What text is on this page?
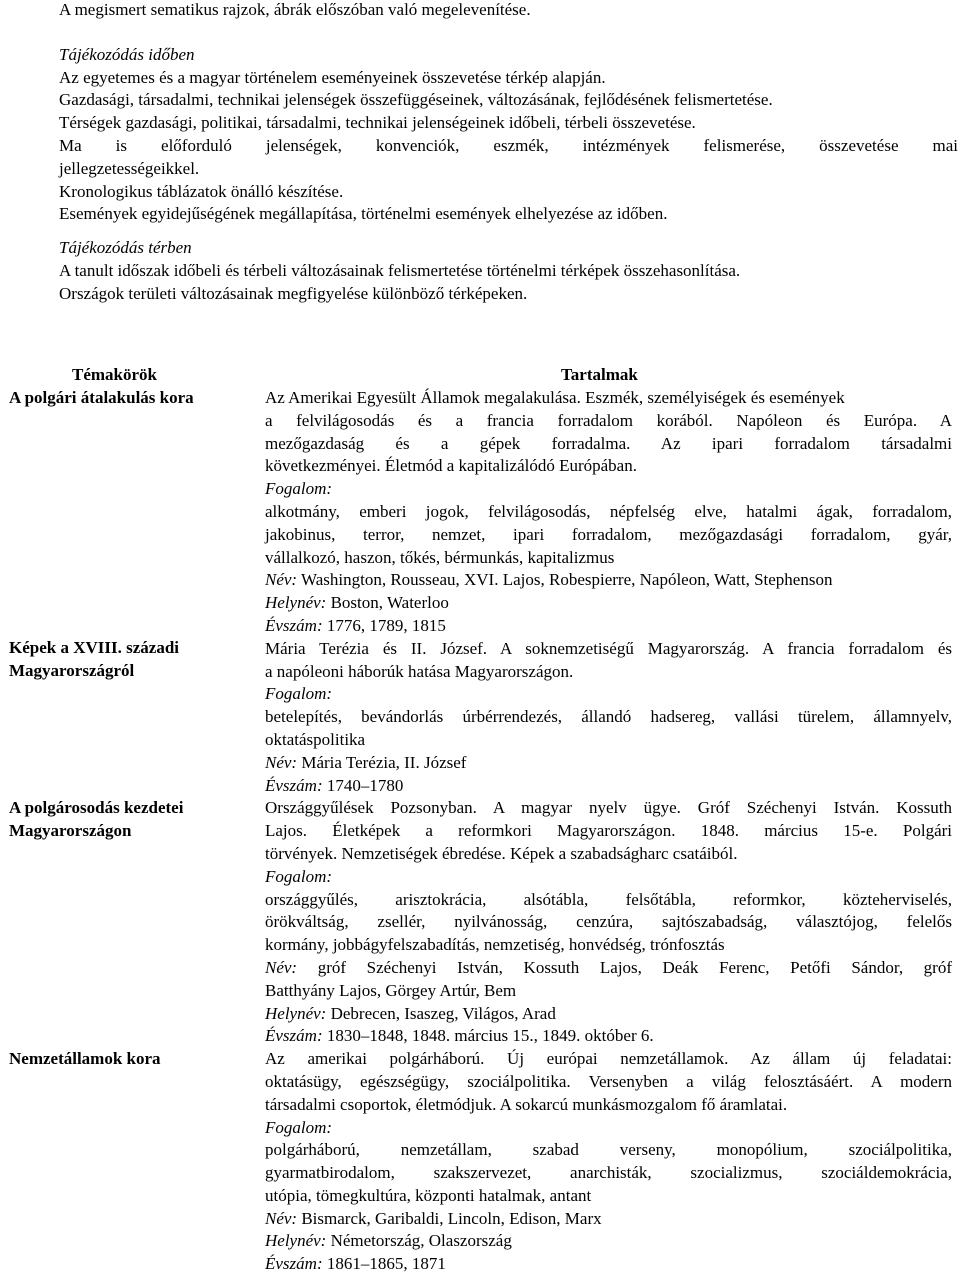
A megismert sematikus rajzok, ábrák előszóban való megelevenítése.
Tájékozódás időben
Az egyetemes és a magyar történelem eseményeinek összevetése térkép alapján.
Gazdasági, társadalmi, technikai jelenségek összefüggéseinek, változásának, fejlődésének felismertetése.
Térségek gazdasági, politikai, társadalmi, technikai jelenségeinek időbeli, térbeli összevetése.
Ma is előforduló jelenségek, konvenciók, eszmék, intézmények felismerése, összevetése mai
jellegzetességeikkel.
Kronologikus táblázatok önálló készítése.
Események egyidejűségének megállapítása, történelmi események elhelyezése az időben.
Tájékozódás térben
A tanult időszak időbeli és térbeli változásainak felismertetése történelmi térképek összehasonlítása.
Országok területi változásainak megfigyelése különböző térképeken.
Témakörök	Tartalmak
A polgári átalakulás kora
Képek a XVIII. századi
Magyarországról
A polgárosodás kezdetei
Magyarországon
Nemzetállamok kora
Az Amerikai Egyesült Államok megalakulása. Eszmék, személyiségek és események
a felvilágosodás és a francia forradalom korából. Napóleon és Európa. A
mezőgazdaság és a gépek forradalma. Az ipari forradalom társadalmi
következményei. Életmód a kapitalizálódó Európában.
Fogalom:
alkotmány, emberi jogok, felvilágosodás, népfelség elve, hatalmi ágak, forradalom,
jakobinus, terror, nemzet, ipari forradalom, mezőgazdasági forradalom, gyár,
vállalkozó, haszon, tőkés, bérmunkás, kapitalizmus
Név: Washington, Rousseau, XVI. Lajos, Robespierre, Napóleon, Watt, Stephenson
Helynév: Boston, Waterloo
Évszám: 1776, 1789, 1815
Mária Terézia és II. József. A soknemzetiségű Magyarország. A francia forradalom és
a napóleoni háborúk hatása Magyarországon.
Fogalom:
betelepítés, bevándorlás úrbérrendezés, állandó hadsereg, vallási türelem, államnyelv,
oktatáspolitika
Név: Mária Terézia, II. József
Évszám: 1740–1780
Országgyűlések Pozsonyban. A magyar nyelv ügye. Gróf Széchenyi István. Kossuth
Lajos. Életképek a reformkori Magyarországon. 1848. március 15-e. Polgári
törvények. Nemzetiségek ébredése. Képek a szabadságharc csatáiból.
Fogalom:
országgyűlés, arisztokrácia, alsótábla, felsőtábla, reformkor, közteherviselés,
örökváltság, zsellér, nyilvánosság, cenzúra, sajtószabadság, választójog, felelős
kormány, jobbágyfelszabadítás, nemzetiség, honvédség, trónfosztás
Név: gróf Széchenyi István, Kossuth Lajos, Deák Ferenc, Petőfi Sándor, gróf
Batthyány Lajos, Görgey Artúr, Bem
Helynév: Debrecen, Isaszeg, Világos, Arad
Évszám: 1830–1848, 1848. március 15., 1849. október 6.
Az amerikai polgárháború. Új európai nemzetállamok. Az állam új feladatai:
oktatásügy, egészségügy, szociálpolitika. Versenyben a világ felosztásáért. A modern
társadalmi csoportok, életmódjuk. A sokarcú munkásmozgalom fő áramlatai.
Fogalom:
polgárháború, nemzetállam, szabad verseny, monopólium, szociálpolitika,
gyarmatbirodalom, szakszervezet, anarchisták, szocializmus, szociáldemokrácia,
utópia, tömegkultúra, központi hatalmak, antant
Név: Bismarck, Garibaldi, Lincoln, Edison, Marx
Helynév: Németország, Olaszország
Évszám: 1861–1865, 1871
